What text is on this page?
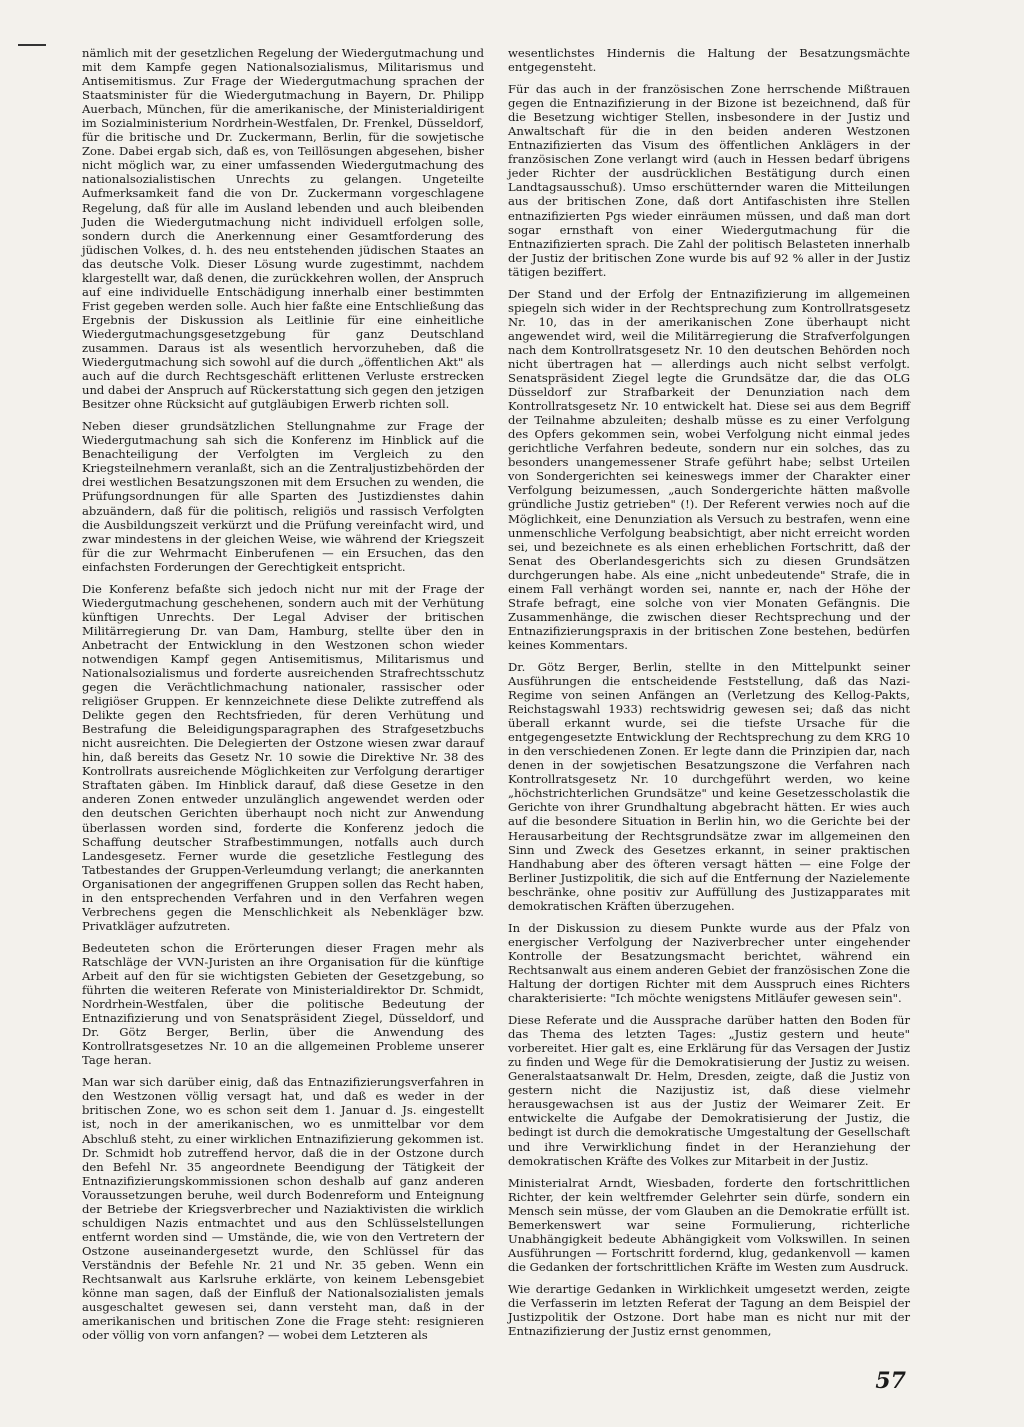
nämlich mit der gesetzlichen Regelung der Wiedergutmachung und mit dem Kampfe gegen Nationalsozialismus, Militarismus und Antisemitismus. Zur Frage der Wiedergutmachung sprachen der Staatsminister für die Wiedergutmachung in Bayern, Dr. Philipp Auerbach, München, für die amerikanische, der Ministerialdirigent im Sozialministerium Nordrhein-Westfalen, Dr. Frenkel, Düsseldorf, für die britische und Dr. Zuckermann, Berlin, für die sowjetische Zone. Dabei ergab sich, daß es, von Teillösungen abgesehen, bisher nicht möglich war, zu einer umfassenden Wiedergutmachung des nationalsozialistischen Unrechts zu gelangen. Ungeteilte Aufmerksamkeit fand die von Dr. Zuckermann vorgeschlagene Regelung, daß für alle im Ausland lebenden und auch bleibenden Juden die Wiedergutmachung nicht individuell erfolgen solle, sondern durch die Anerkennung einer Gesamtforderung des jüdischen Volkes, d. h. des neu entstehenden jüdischen Staates an das deutsche Volk. Dieser Lösung wurde zugestimmt, nachdem klargestellt war, daß denen, die zurückkehren wollen, der Anspruch auf eine individuelle Entschädigung innerhalb einer bestimmten Frist gegeben werden solle. Auch hier faßte eine Entschließung das Ergebnis der Diskussion als Leitlinie für eine einheitliche Wiedergutmachungsgesetzgebung für ganz Deutschland zusammen. Daraus ist als wesentlich hervorzuheben, daß die Wiedergutmachung sich sowohl auf die durch „öffentlichen Akt" als auch auf die durch Rechtsgeschäft erlittenen Verluste erstrecken und dabei der Anspruch auf Rückerstattung sich gegen den jetzigen Besitzer ohne Rücksicht auf gutgläubigen Erwerb richten soll.

Neben dieser grundsätzlichen Stellungnahme zur Frage der Wiedergutmachung sah sich die Konferenz im Hinblick auf die Benachteiligung der Verfolgten im Vergleich zu den Kriegsteilnehmern veranlaßt, sich an die Zentraljustizbehörden der drei westlichen Besatzungszonen mit dem Ersuchen zu wenden, die Prüfungsordnungen für alle Sparten des Justizdienstes dahin abzuändern, daß für die politisch, religiös und rassisch Verfolgten die Ausbildungszeit verkürzt und die Prüfung vereinfacht wird, und zwar mindestens in der gleichen Weise, wie während der Kriegszeit für die zur Wehrmacht Einberufenen — ein Ersuchen, das den einfachsten Forderungen der Gerechtigkeit entspricht.

Die Konferenz befaßte sich jedoch nicht nur mit der Frage der Wiedergutmachung geschehenen, sondern auch mit der Verhütung künftigen Unrechts. Der Legal Adviser der britischen Militärregierung Dr. van Dam, Hamburg, stellte über den in Anbetracht der Entwicklung in den Westzonen schon wieder notwendigen Kampf gegen Antisemitismus, Militarismus und Nationalsozialismus und forderte ausreichenden Strafrechtsschutz gegen die Verächtlichmachung nationaler, rassischer oder religiöser Gruppen. Er kennzeichnete diese Delikte zutreffend als Delikte gegen den Rechtsfrieden, für deren Verhütung und Bestrafung die Beleidigungsparagraphen des Strafgesetzbuchs nicht ausreichten. Die Delegierten der Ostzone wiesen zwar darauf hin, daß bereits das Gesetz Nr. 10 sowie die Direktive Nr. 38 des Kontrollrats ausreichende Möglichkeiten zur Verfolgung derartiger Straftaten gäben. Im Hinblick darauf, daß diese Gesetze in den anderen Zonen entweder unzulänglich angewendet werden oder den deutschen Gerichten überhaupt noch nicht zur Anwendung überlassen worden sind, forderte die Konferenz jedoch die Schaffung deutscher Strafbestimmungen, notfalls auch durch Landesgesetz. Ferner wurde die gesetzliche Festlegung des Tatbestandes der Gruppen-Verleumdung verlangt; die anerkannten Organisationen der angegriffenen Gruppen sollen das Recht haben, in den entsprechenden Verfahren und in den Verfahren wegen Verbrechens gegen die Menschlichkeit als Nebenkläger bzw. Privatkläger aufzutreten.

Bedeuteten schon die Erörterungen dieser Fragen mehr als Ratschläge der VVN-Juristen an ihre Organisation für die künftige Arbeit auf den für sie wichtigsten Gebieten der Gesetzgebung, so führten die weiteren Referate von Ministerialdirektor Dr. Schmidt, Nordrhein-Westfalen, über die politische Bedeutung der Entnazifizierung und von Senatspräsident Ziegel, Düsseldorf, und Dr. Götz Berger, Berlin, über die Anwendung des Kontrollratsgesetzes Nr. 10 an die allgemeinen Probleme unserer Tage heran.

Man war sich darüber einig, daß das Entnazifizierungsverfahren in den Westzonen völlig versagt hat, und daß es weder in der britischen Zone, wo es schon seit dem 1. Januar d. Js. eingestellt ist, noch in der amerikanischen, wo es unmittelbar vor dem Abschluß steht, zu einer wirklichen Entnazifizierung gekommen ist. Dr. Schmidt hob zutreffend hervor, daß die in der Ostzone durch den Befehl Nr. 35 angeordnete Beendigung der Tätigkeit der Entnazifizierungskommissionen schon deshalb auf ganz anderen Voraussetzungen beruhe, weil durch Bodenreform und Enteignung der Betriebe der Kriegsverbrecher und Naziaktivisten die wirklich schuldigen Nazis entmachtet und aus den Schlüsselstellungen entfernt worden sind — Umstände, die, wie von den Vertretern der Ostzone auseinandergesetzt wurde, den Schlüssel für das Verständnis der Befehle Nr. 21 und Nr. 35 geben. Wenn ein Rechtsanwalt aus Karlsruhe erklärte, von keinem Lebensgebiet könne man sagen, daß der Einfluß der Nationalsozialisten jemals ausgeschaltet gewesen sei, dann versteht man, daß in der amerikanischen und britischen Zone die Frage steht: resignieren oder völlig von vorn anfangen? — wobei dem Letzteren als

wesentlichstes Hindernis die Haltung der Besatzungsmächte entgegensteht.

Für das auch in der französischen Zone herrschende Mißtrauen gegen die Entnazifizierung in der Bizone ist bezeichnend, daß für die Besetzung wichtiger Stellen, insbesondere in der Justiz und Anwaltschaft für die in den beiden anderen Westzonen Entnazifizierten das Visum des öffentlichen Anklägers in der französischen Zone verlangt wird (auch in Hessen bedarf übrigens jeder Richter der ausdrücklichen Bestätigung durch einen Landtagsausschuß). Umso erschütternder waren die Mitteilungen aus der britischen Zone, daß dort Antifaschisten ihre Stellen entnazifizierten Pgs wieder einräumen müssen, und daß man dort sogar ernsthaft von einer Wiedergutmachung für die Entnazifizierten sprach. Die Zahl der politisch Belasteten innerhalb der Justiz der britischen Zone wurde bis auf 92 % aller in der Justiz tätigen beziffert.

Der Stand und der Erfolg der Entnazifizierung im allgemeinen spiegeln sich wider in der Rechtsprechung zum Kontrollratsgesetz Nr. 10, das in der amerikanischen Zone überhaupt nicht angewendet wird, weil die Militärregierung die Strafverfolgungen nach dem Kontrollratsgesetz Nr. 10 den deutschen Behörden noch nicht übertragen hat — allerdings auch nicht selbst verfolgt. Senatspräsident Ziegel legte die Grundsätze dar, die das OLG Düsseldorf zur Strafbarkeit der Denunziation nach dem Kontrollratsgesetz Nr. 10 entwickelt hat. Diese sei aus dem Begriff der Teilnahme abzuleiten; deshalb müsse es zu einer Verfolgung des Opfers gekommen sein, wobei Verfolgung nicht einmal jedes gerichtliche Verfahren bedeute, sondern nur ein solches, das zu besonders unangemessener Strafe geführt habe; selbst Urteilen von Sondergerichten sei keineswegs immer der Charakter einer Verfolgung beizumessen, „auch Sondergerichte hätten maßvolle gründliche Justiz getrieben" (!). Der Referent verwies noch auf die Möglichkeit, eine Denunziation als Versuch zu bestrafen, wenn eine unmenschliche Verfolgung beabsichtigt, aber nicht erreicht worden sei, und bezeichnete es als einen erheblichen Fortschritt, daß der Senat des Oberlandesgerichts sich zu diesen Grundsätzen durchgerungen habe. Als eine „nicht unbedeutende" Strafe, die in einem Fall verhängt worden sei, nannte er, nach der Höhe der Strafe befragt, eine solche von vier Monaten Gefängnis. Die Zusammenhänge, die zwischen dieser Rechtsprechung und der Entnazifizierungspraxis in der britischen Zone bestehen, bedürfen keines Kommentars.

Dr. Götz Berger, Berlin, stellte in den Mittelpunkt seiner Ausführungen die entscheidende Feststellung, daß das Nazi-Regime von seinen Anfängen an (Verletzung des Kellog-Pakts, Reichstagswahl 1933) rechtswidrig gewesen sei; daß das nicht überall erkannt wurde, sei die tiefste Ursache für die entgegengesetzte Entwicklung der Rechtsprechung zu dem KRG 10 in den verschiedenen Zonen. Er legte dann die Prinzipien dar, nach denen in der sowjetischen Besatzungszone die Verfahren nach Kontrollratsgesetz Nr. 10 durchgeführt werden, wo keine „höchstrichterlichen Grundsätze" und keine Gesetzesscholastik die Gerichte von ihrer Grundhaltung abgebracht hätten. Er wies auch auf die besondere Situation in Berlin hin, wo die Gerichte bei der Herausarbeitung der Rechtsgrundsätze zwar im allgemeinen den Sinn und Zweck des Gesetzes erkannt, in seiner praktischen Handhabung aber des öfteren versagt hätten — eine Folge der Berliner Justizpolitik, die sich auf die Entfernung der Nazielemente beschränke, ohne positiv zur Auffüllung des Justizapparates mit demokratischen Kräften überzugehen.

In der Diskussion zu diesem Punkte wurde aus der Pfalz von energischer Verfolgung der Naziverbrecher unter eingehender Kontrolle der Besatzungsmacht berichtet, während ein Rechtsanwalt aus einem anderen Gebiet der französischen Zone die Haltung der dortigen Richter mit dem Ausspruch eines Richters charakterisierte: "Ich möchte wenigstens Mitläufer gewesen sein".

Diese Referate und die Aussprache darüber hatten den Boden für das Thema des letzten Tages: „Justiz gestern und heute" vorbereitet. Hier galt es, eine Erklärung für das Versagen der Justiz zu finden und Wege für die Demokratisierung der Justiz zu weisen. Generalstaatsanwalt Dr. Helm, Dresden, zeigte, daß die Justiz von gestern nicht die Nazijustiz ist, daß diese vielmehr herausgewachsen ist aus der Justiz der Weimarer Zeit. Er entwickelte die Aufgabe der Demokratisierung der Justiz, die bedingt ist durch die demokratische Umgestaltung der Gesellschaft und ihre Verwirklichung findet in der Heranziehung der demokratischen Kräfte des Volkes zur Mitarbeit in der Justiz.

Ministerialrat Arndt, Wiesbaden, forderte den fortschrittlichen Richter, der kein weltfremder Gelehrter sein dürfe, sondern ein Mensch sein müsse, der vom Glauben an die Demokratie erfüllt ist. Bemerkenswert war seine Formulierung, richterliche Unabhängigkeit bedeute Abhängigkeit vom Volkswillen. In seinen Ausführungen — Fortschritt fordernd, klug, gedankenvoll — kamen die Gedanken der fortschrittlichen Kräfte im Westen zum Ausdruck.

Wie derartige Gedanken in Wirklichkeit umgesetzt werden, zeigte die Verfasserin im letzten Referat der Tagung an dem Beispiel der Justizpolitik der Ostzone. Dort habe man es nicht nur mit der Entnazifizierung der Justiz ernst genommen,

57
